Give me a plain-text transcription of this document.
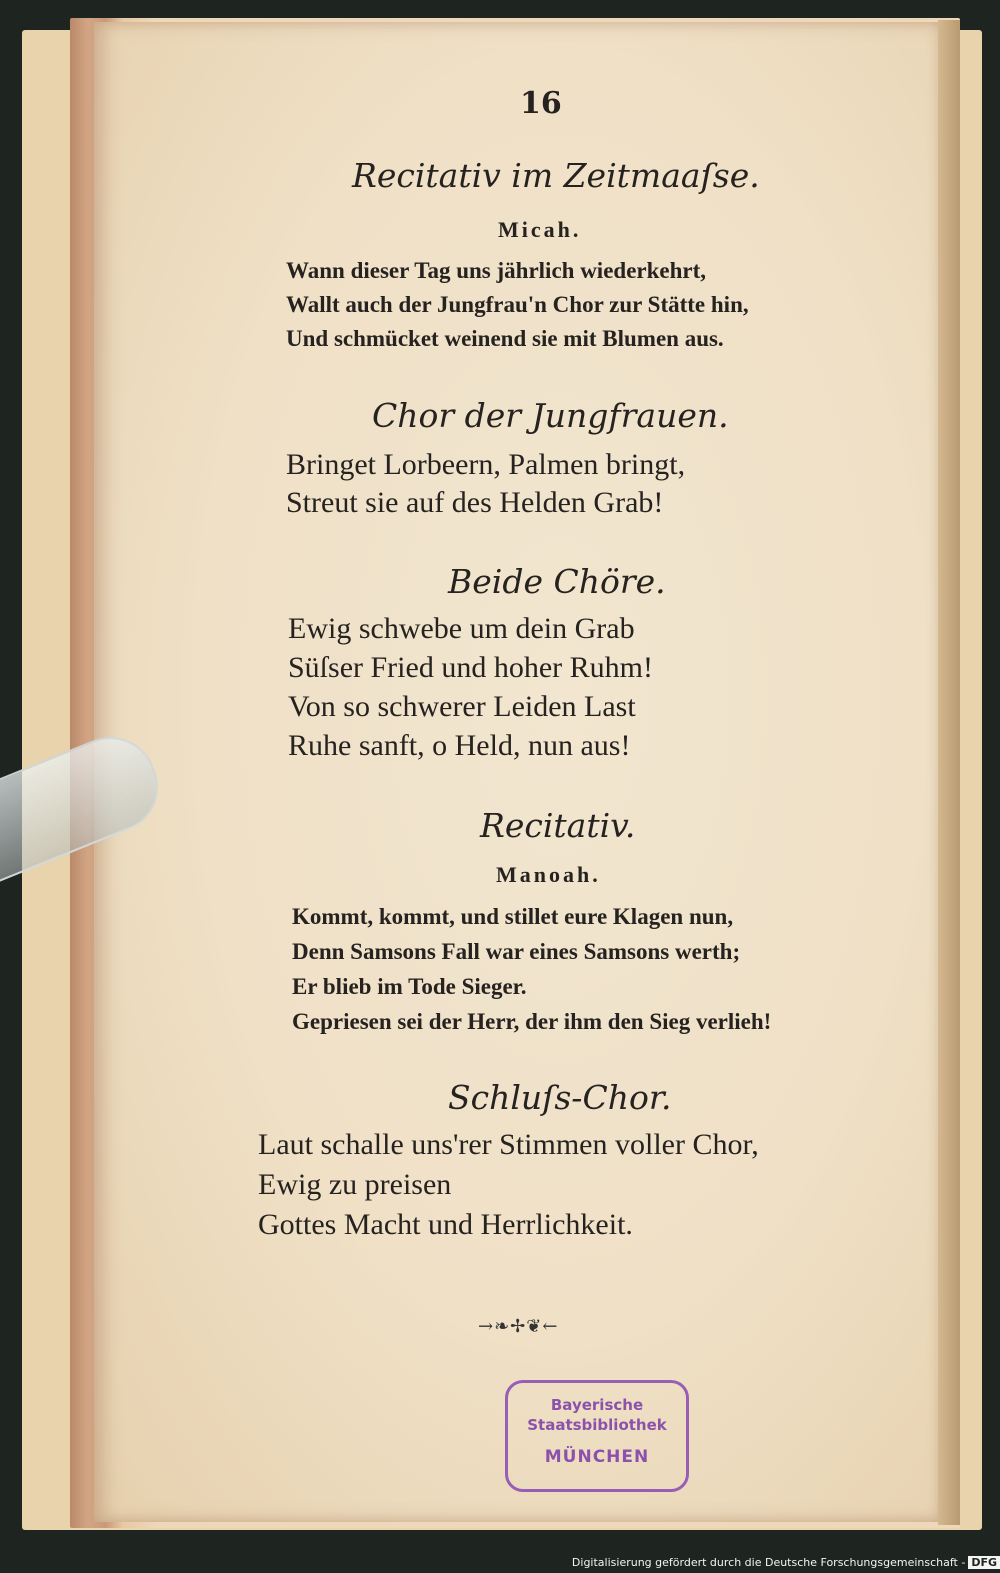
16
Recitativ im Zeitmaaſse.
Micah.
Wann dieser Tag uns jährlich wiederkehrt,
Wallt auch der Jungfrau'n Chor zur Stätte hin,
Und schmücket weinend sie mit Blumen aus.
Chor der Jungfrauen.
Bringet Lorbeern, Palmen bringt,
Streut sie auf des Helden Grab!
Beide Chöre.
Ewig schwebe um dein Grab
Süſser Fried und hoher Ruhm!
Von so schwerer Leiden Last
Ruhe sanft, o Held, nun aus!
Recitativ.
Manoah.
Kommt, kommt, und stillet eure Klagen nun,
Denn Samsons Fall war eines Samsons werth;
Er blieb im Tode Sieger.
Gepriesen sei der Herr, der ihm den Sieg verlieh!
Schluſs-Chor.
Laut schalle uns'rer Stimmen voller Chor,
Ewig zu preisen
Gottes Macht und Herrlichkeit.
→❧✢❦←
Bayerische
Staatsbibliothek
MÜNCHEN
Digitalisierung gefördert durch die Deutsche Forschungsgemeinschaft - DFG
